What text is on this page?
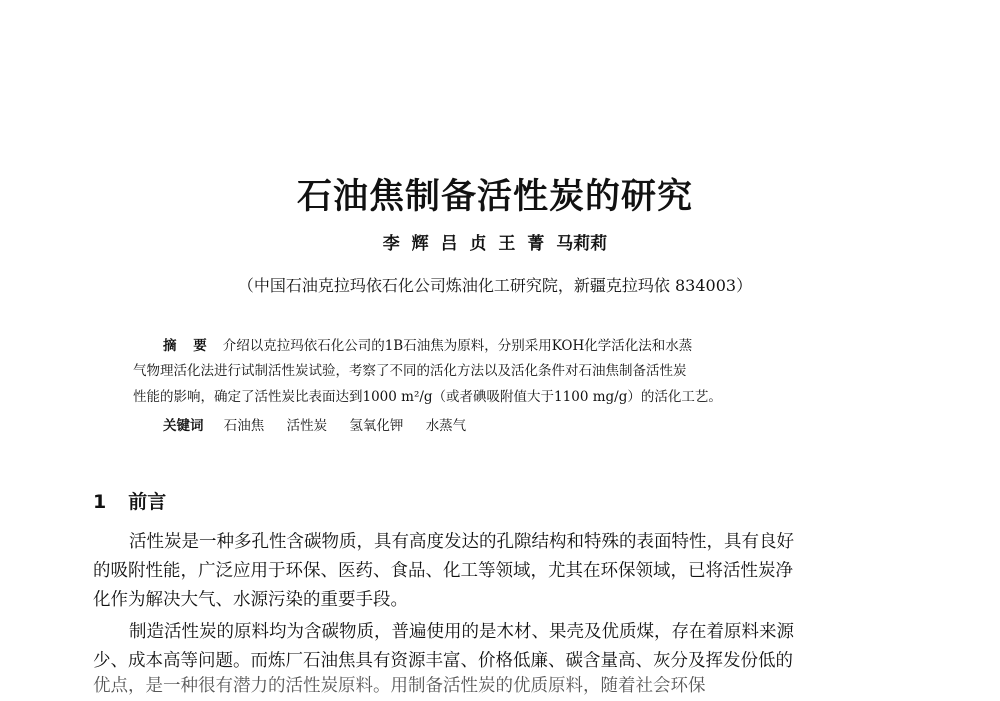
石油焦制备活性炭的研究
李 辉 吕 贞 王 菁 马莉莉
（中国石油克拉玛依石化公司炼油化工研究院，新疆克拉玛依 834003）
摘 要 介绍以克拉玛依石化公司的1B石油焦为原料，分别采用KOH化学活化法和水蒸
气物理活化法进行试制活性炭试验，考察了不同的活化方法以及活化条件对石油焦制备活性炭
性能的影响，确定了活性炭比表面达到1000 m²/g（或者碘吸附值大于1100 mg/g）的活化工艺。
关键词 石油焦 活性炭 氢氧化钾 水蒸气
1 前言
活性炭是一种多孔性含碳物质，具有高度发达的孔隙结构和特殊的表面特性，具有良好
的吸附性能，广泛应用于环保、医药、食品、化工等领域，尤其在环保领域，已将活性炭净
化作为解决大气、水源污染的重要手段。
制造活性炭的原料均为含碳物质，普遍使用的是木材、果壳及优质煤，存在着原料来源
少、成本高等问题。而炼厂石油焦具有资源丰富、价格低廉、碳含量高、灰分及挥发份低的
优点，是一种很有潜力的活性炭原料。用制备活性炭的优质原料，随着社会环保
